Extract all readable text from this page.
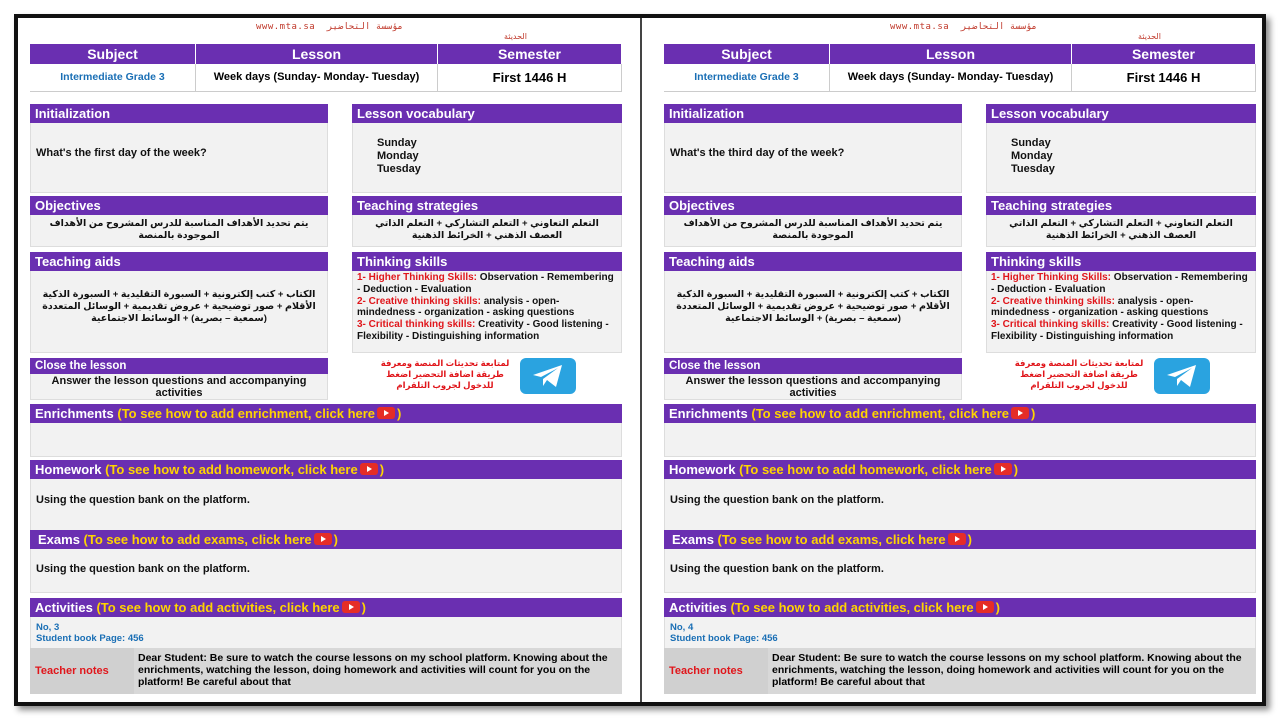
www.mta.sa مؤسسة التحاضير
الحديثة
Subject	Lesson	Semester
Intermediate Grade 3	Week days (Sunday- Monday- Tuesday)	First 1446 H
Initialization
What's the first day of the week?
Lesson vocabulary
Sunday
Monday
Tuesday
Objectives
يتم تحديد الأهداف المناسبة للدرس المشروح من الأهداف الموجودة بالمنصة
Teaching strategies
التعلم التعاوني + التعلم التشاركي + التعلم الذاتي
العصف الذهني + الخرائط الذهنية
Teaching aids
الكتاب + كتب إلكترونية + السبورة التقليدية + السبورة الذكية الأقلام + صور توضيحية + عروض تقديمية + الوسائل المتعددة (سمعية – بصرية) + الوسائط الاجتماعية
Thinking skills
1- Higher Thinking Skills: Observation - Remembering - Deduction - Evaluation
2- Creative thinking skills: analysis - open-mindedness - organization - asking questions
3- Critical thinking skills: Creativity - Good listening - Flexibility - Distinguishing information
Close the lesson
Answer the lesson questions and accompanying activities
لمتابعة تحديثات المنصة ومعرفة طريقة اضافة التحضير اضغط للدخول لجروب التلقرام
Enrichments (To see how to add enrichment, click here )
Homework (To see how to add homework, click here )
Using the question bank on the platform.
Exams (To see how to add exams, click here )
Using the question bank on the platform.
Activities (To see how to add activities, click here )
No, 3
Student book Page: 456
Teacher notes
Dear Student: Be sure to watch the course lessons on my school platform. Knowing about the enrichments, watching the lesson, doing homework and activities will count for you on the platform! Be careful about that
www.mta.sa مؤسسة التحاضير
الحديثة
Subject	Lesson	Semester
Intermediate Grade 3	Week days (Sunday- Monday- Tuesday)	First 1446 H
Initialization
What's the third day of the week?
Lesson vocabulary
Sunday
Monday
Tuesday
Objectives
يتم تحديد الأهداف المناسبة للدرس المشروح من الأهداف الموجودة بالمنصة
Teaching strategies
التعلم التعاوني + التعلم التشاركي + التعلم الذاتي
العصف الذهني + الخرائط الذهنية
Teaching aids
الكتاب + كتب إلكترونية + السبورة التقليدية + السبورة الذكية الأقلام + صور توضيحية + عروض تقديمية + الوسائل المتعددة (سمعية – بصرية) + الوسائط الاجتماعية
Thinking skills
1- Higher Thinking Skills: Observation - Remembering - Deduction - Evaluation
2- Creative thinking skills: analysis - open-mindedness - organization - asking questions
3- Critical thinking skills: Creativity - Good listening - Flexibility - Distinguishing information
Close the lesson
Answer the lesson questions and accompanying activities
لمتابعة تحديثات المنصة ومعرفة طريقة اضافة التحضير اضغط للدخول لجروب التلقرام
Enrichments (To see how to add enrichment, click here )
Homework (To see how to add homework, click here )
Using the question bank on the platform.
Exams (To see how to add exams, click here )
Using the question bank on the platform.
Activities (To see how to add activities, click here )
No, 4
Student book Page: 456
Teacher notes
Dear Student: Be sure to watch the course lessons on my school platform. Knowing about the enrichments, watching the lesson, doing homework and activities will count for you on the platform! Be careful about that
